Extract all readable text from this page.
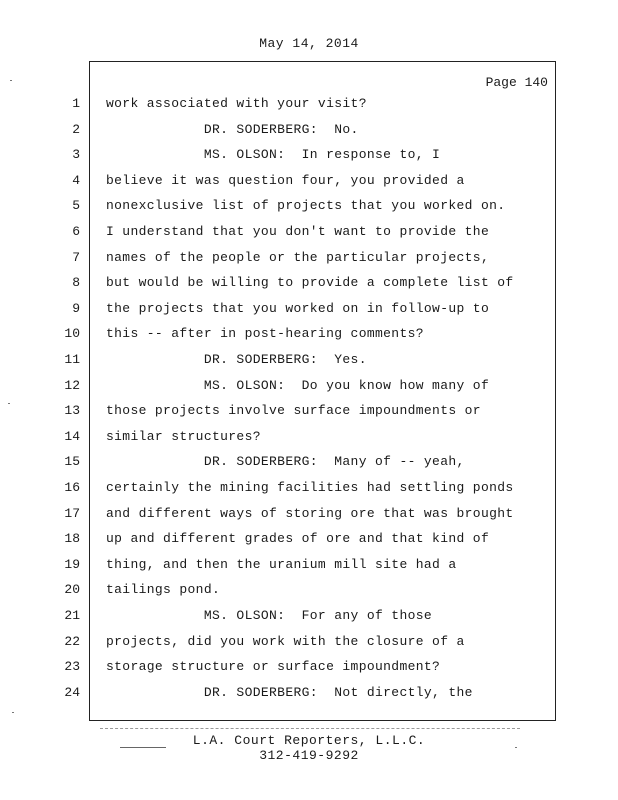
May 14, 2014
Page 140
1 work associated with your visit?
2 DR. SODERBERG:  No.
3 MS. OLSON:  In response to, I
4 believe it was question four, you provided a
5 nonexclusive list of projects that you worked on.
6 I understand that you don't want to provide the
7 names of the people or the particular projects,
8 but would be willing to provide a complete list of
9 the projects that you worked on in follow-up to
10 this -- after in post-hearing comments?
11 DR. SODERBERG:  Yes.
12 MS. OLSON:  Do you know how many of
13 those projects involve surface impoundments or
14 similar structures?
15 DR. SODERBERG:  Many of -- yeah,
16 certainly the mining facilities had settling ponds
17 and different ways of storing ore that was brought
18 up and different grades of ore and that kind of
19 thing, and then the uranium mill site had a
20 tailings pond.
21 MS. OLSON:  For any of those
22 projects, did you work with the closure of a
23 storage structure or surface impoundment?
24 DR. SODERBERG:  Not directly, the
L.A. Court Reporters, L.L.C.
312-419-9292
